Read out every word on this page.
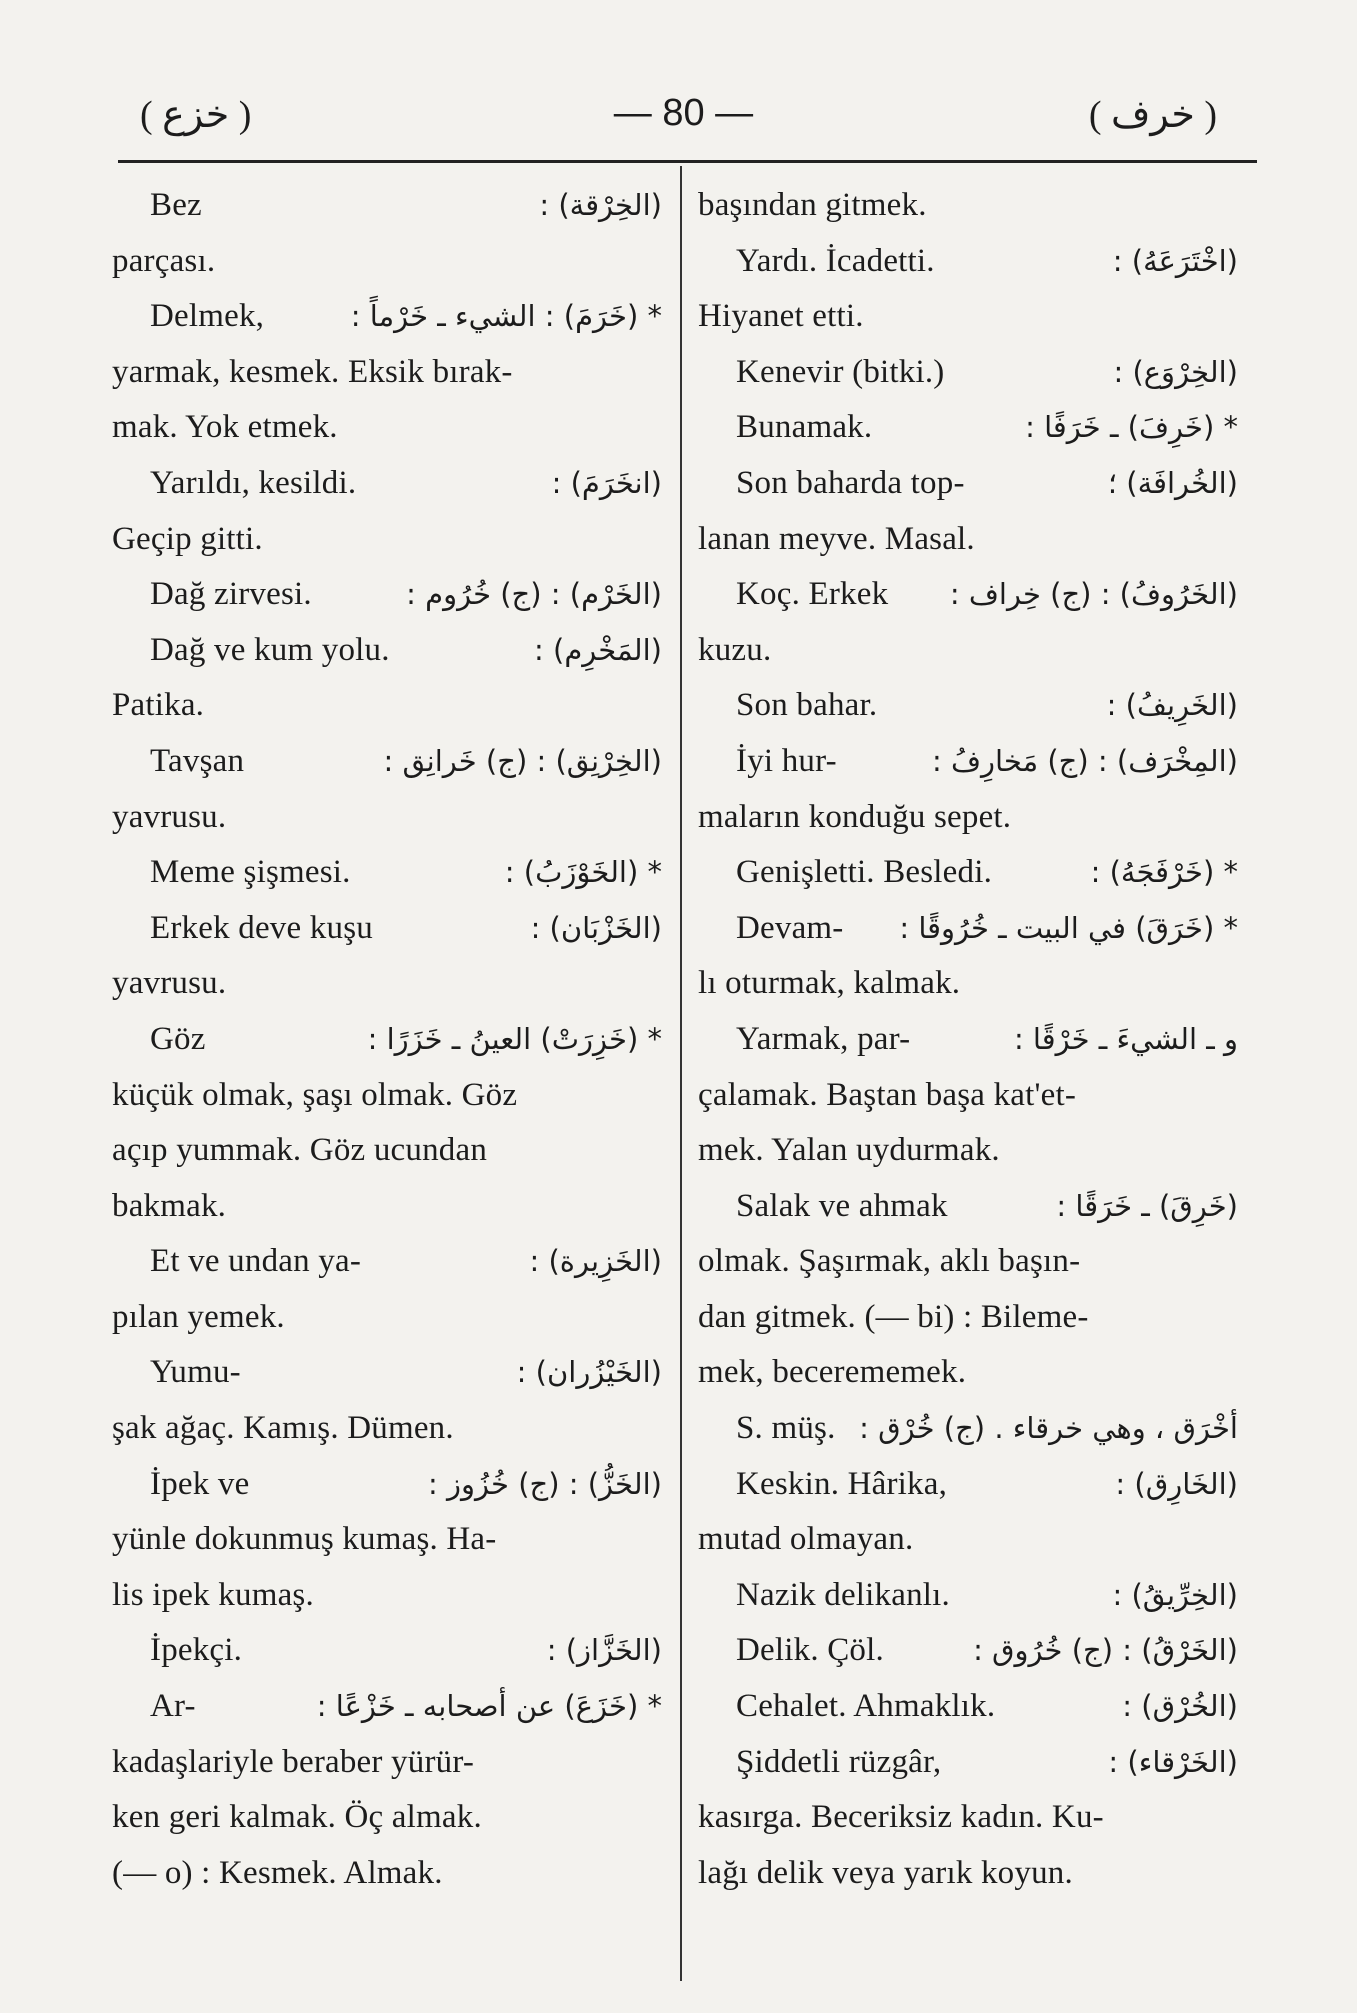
( خزع )	— 80 —	( خرف )
Bez	(الخِرْقة) :
parçası.
Delmek,	* (خَرَمَ) : الشيء ـ خَرْماً :
yarmak, kesmek. Eksik bırak-
mak. Yok etmek.
Yarıldı, kesildi.	(انخَرَمَ) :
Geçip gitti.
Dağ zirvesi.	(الخَرْم) : (ج) خُرُوم :
Dağ ve kum yolu.	(المَخْرِم) :
Patika.
Tavşan	(الخِرْنِق) : (ج) خَرانِق :
yavrusu.
Meme şişmesi.	* (الخَوْزَبُ) :
Erkek deve kuşu	(الخَزْبَان) :
yavrusu.
Göz	* (خَزِرَتْ) العينُ ـ خَزَرًا :
küçük olmak, şaşı olmak. Göz
açıp yummak. Göz ucundan
bakmak.
Et ve undan ya-	(الخَزِيرة) :
pılan yemek.
Yumu-	(الخَيْزُران) :
şak ağaç. Kamış. Dümen.
İpek ve	(الخَزُّ) : (ج) خُزُوز :
yünle dokunmuş kumaş. Ha-
lis ipek kumaş.
İpekçi.	(الخَزَّاز) :
Ar-	* (خَزَعَ) عن أصحابه ـ خَزْعًا :
kadaşlariyle beraber yürür-
ken geri kalmak. Öç almak.
(— o) : Kesmek. Almak.
başından gitmek.
Yardı. İcadetti.	(اخْتَرَعَهُ) :
Hiyanet etti.
Kenevir (bitki.)	(الخِرْوَع) :
Bunamak.	* (خَرِفَ) ـ خَرَفًا :
Son baharda top-	(الخُرافَة) ؛
lanan meyve. Masal.
Koç. Erkek (الخَرُوفُ) : (ج) خِراف :
kuzu.
Son bahar.	(الخَرِيفُ) :
İyi hur-	(المِخْرَف) : (ج) مَخارِفُ :
maların konduğu sepet.
Genişletti. Besledi.	* (خَرْفَجَهُ) :
Devam- * (خَرَقَ) في البيت ـ خُرُوقًا :
lı oturmak, kalmak.
Yarmak, par-	و ـ الشيءَ ـ خَرْقًا :
çalamak. Baştan başa kat'et-
mek. Yalan uydurmak.
Salak ve ahmak	(خَرِقَ) ـ خَرَقًا :
olmak. Şaşırmak, aklı başın-
dan gitmek. (— bi) : Bileme-
mek, becerememek.
S. müş. أخْرَق ، وهي خرقاء . (ج) خُرْق :
Keskin. Hârika,	(الخَارِق) :
mutad olmayan.
Nazik delikanlı.	(الخِرِّيقُ) :
Delik. Çöl.	(الخَرْقُ) : (ج) خُرُوق :
Cehalet. Ahmaklık.	(الخُرْق) :
Şiddetli rüzgâr,	(الخَرْقاء) :
kasırga. Beceriksiz kadın. Ku-
lağı delik veya yarık koyun.
